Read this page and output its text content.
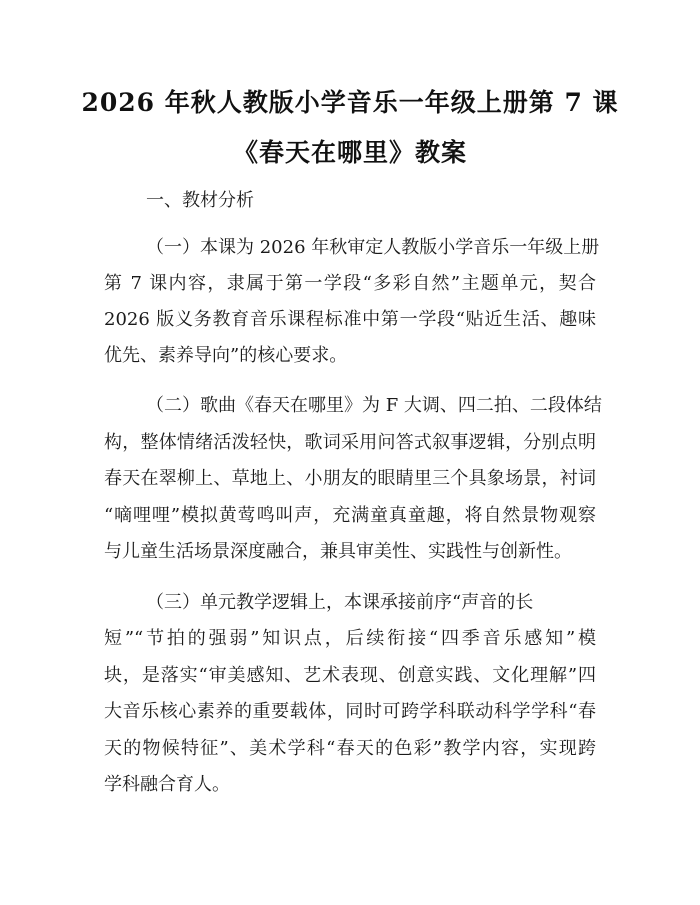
2026 年秋人教版小学音乐一年级上册第 7 课
《春天在哪里》教案
一、教材分析
（一）本课为 2026 年秋审定人教版小学音乐一年级上册
第 7 课内容，隶属于第一学段“多彩自然”主题单元，契合
2026 版义务教育音乐课程标准中第一学段“贴近生活、趣味
优先、素养导向”的核心要求。
（二）歌曲《春天在哪里》为 F 大调、四二拍、二段体结
构，整体情绪活泼轻快，歌词采用问答式叙事逻辑，分别点明
春天在翠柳上、草地上、小朋友的眼睛里三个具象场景，衬词
“嘀哩哩”模拟黄莺鸣叫声，充满童真童趣，将自然景物观察
与儿童生活场景深度融合，兼具审美性、实践性与创新性。
（三）单元教学逻辑上，本课承接前序“声音的长
短”“节拍的强弱”知识点，后续衔接“四季音乐感知”模
块，是落实“审美感知、艺术表现、创意实践、文化理解”四
大音乐核心素养的重要载体，同时可跨学科联动科学学科“春
天的物候特征”、美术学科“春天的色彩”教学内容，实现跨
学科融合育人。
